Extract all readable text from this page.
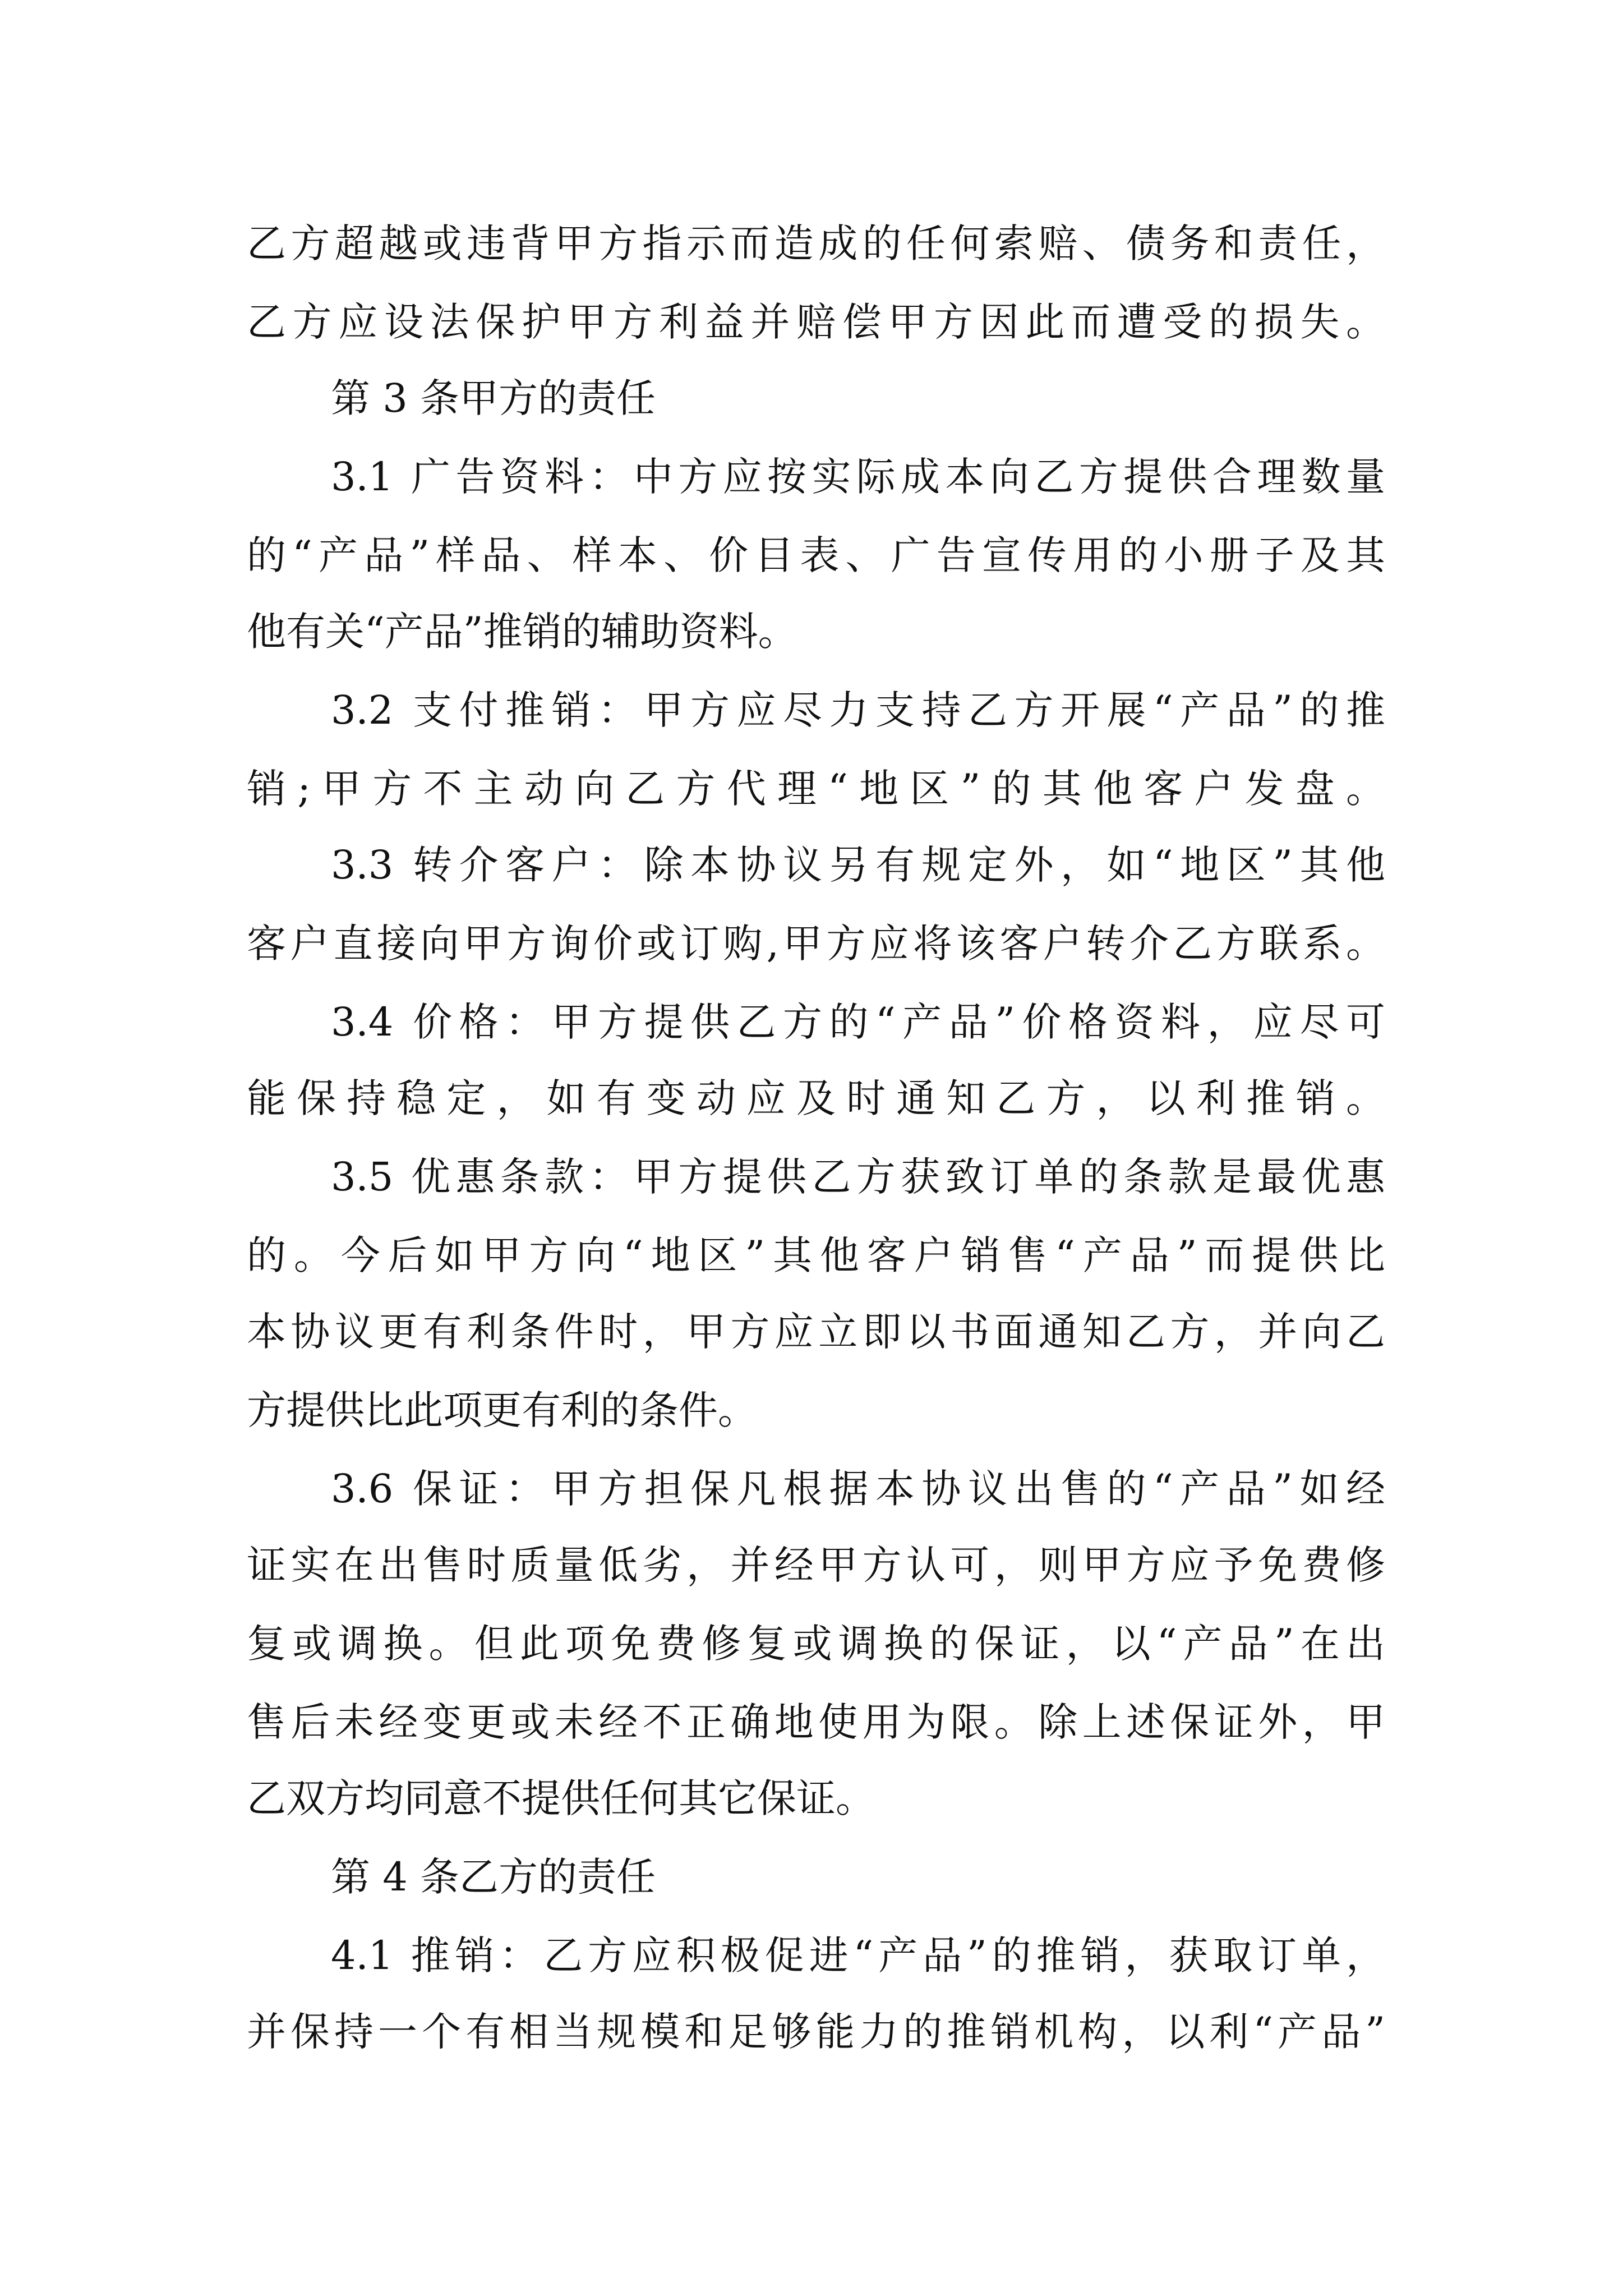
乙方超越或违背甲方指示而造成的任何索赔、债务和责任，
乙方应设法保护甲方利益并赔偿甲方因此而遭受的损失。
第 3 条甲方的责任
3.1 广告资料：中方应按实际成本向乙方提供合理数量
的“产品”样品、样本、价目表、广告宣传用的小册子及其
他有关“产品”推销的辅助资料。
3.2 支付推销：甲方应尽力支持乙方开展“产品”的推
销;甲方不主动向乙方代理“地区”的其他客户发盘。
3.3 转介客户：除本协议另有规定外，如“地区”其他
客户直接向甲方询价或订购,甲方应将该客户转介乙方联系。
3.4 价格：甲方提供乙方的“产品”价格资料，应尽可
能保持稳定，如有变动应及时通知乙方，以利推销。
3.5 优惠条款：甲方提供乙方获致订单的条款是最优惠
的。今后如甲方向“地区”其他客户销售“产品”而提供比
本协议更有利条件时，甲方应立即以书面通知乙方，并向乙
方提供比此项更有利的条件。
3.6 保证：甲方担保凡根据本协议出售的“产品”如经
证实在出售时质量低劣，并经甲方认可，则甲方应予免费修
复或调换。但此项免费修复或调换的保证，以“产品”在出
售后未经变更或未经不正确地使用为限。除上述保证外，甲
乙双方均同意不提供任何其它保证。
第 4 条乙方的责任
4.1 推销：乙方应积极促进“产品”的推销，获取订单，
并保持一个有相当规模和足够能力的推销机构，以利“产品”
